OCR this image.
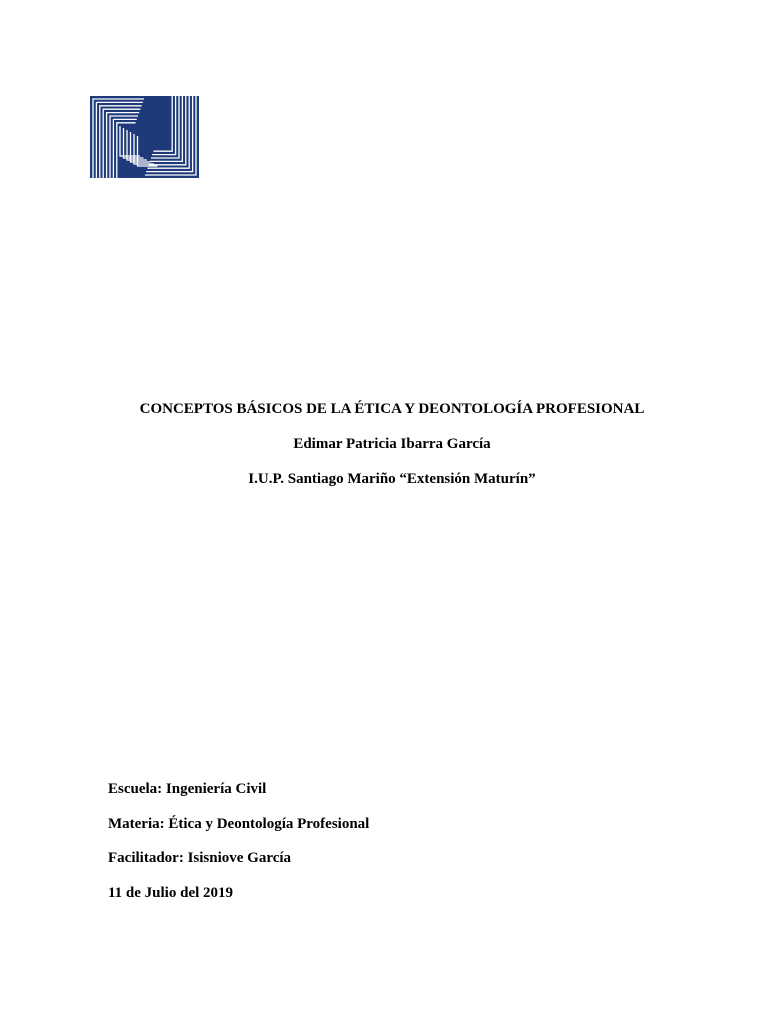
CONCEPTOS BÁSICOS DE LA ÉTICA Y DEONTOLOGÍA PROFESIONAL
Edimar Patricia Ibarra García
I.U.P. Santiago Mariño “Extensión Maturín”
Escuela: Ingeniería Civil
Materia: Ética y Deontología Profesional
Facilitador: Isisniove García
11 de Julio del 2019
